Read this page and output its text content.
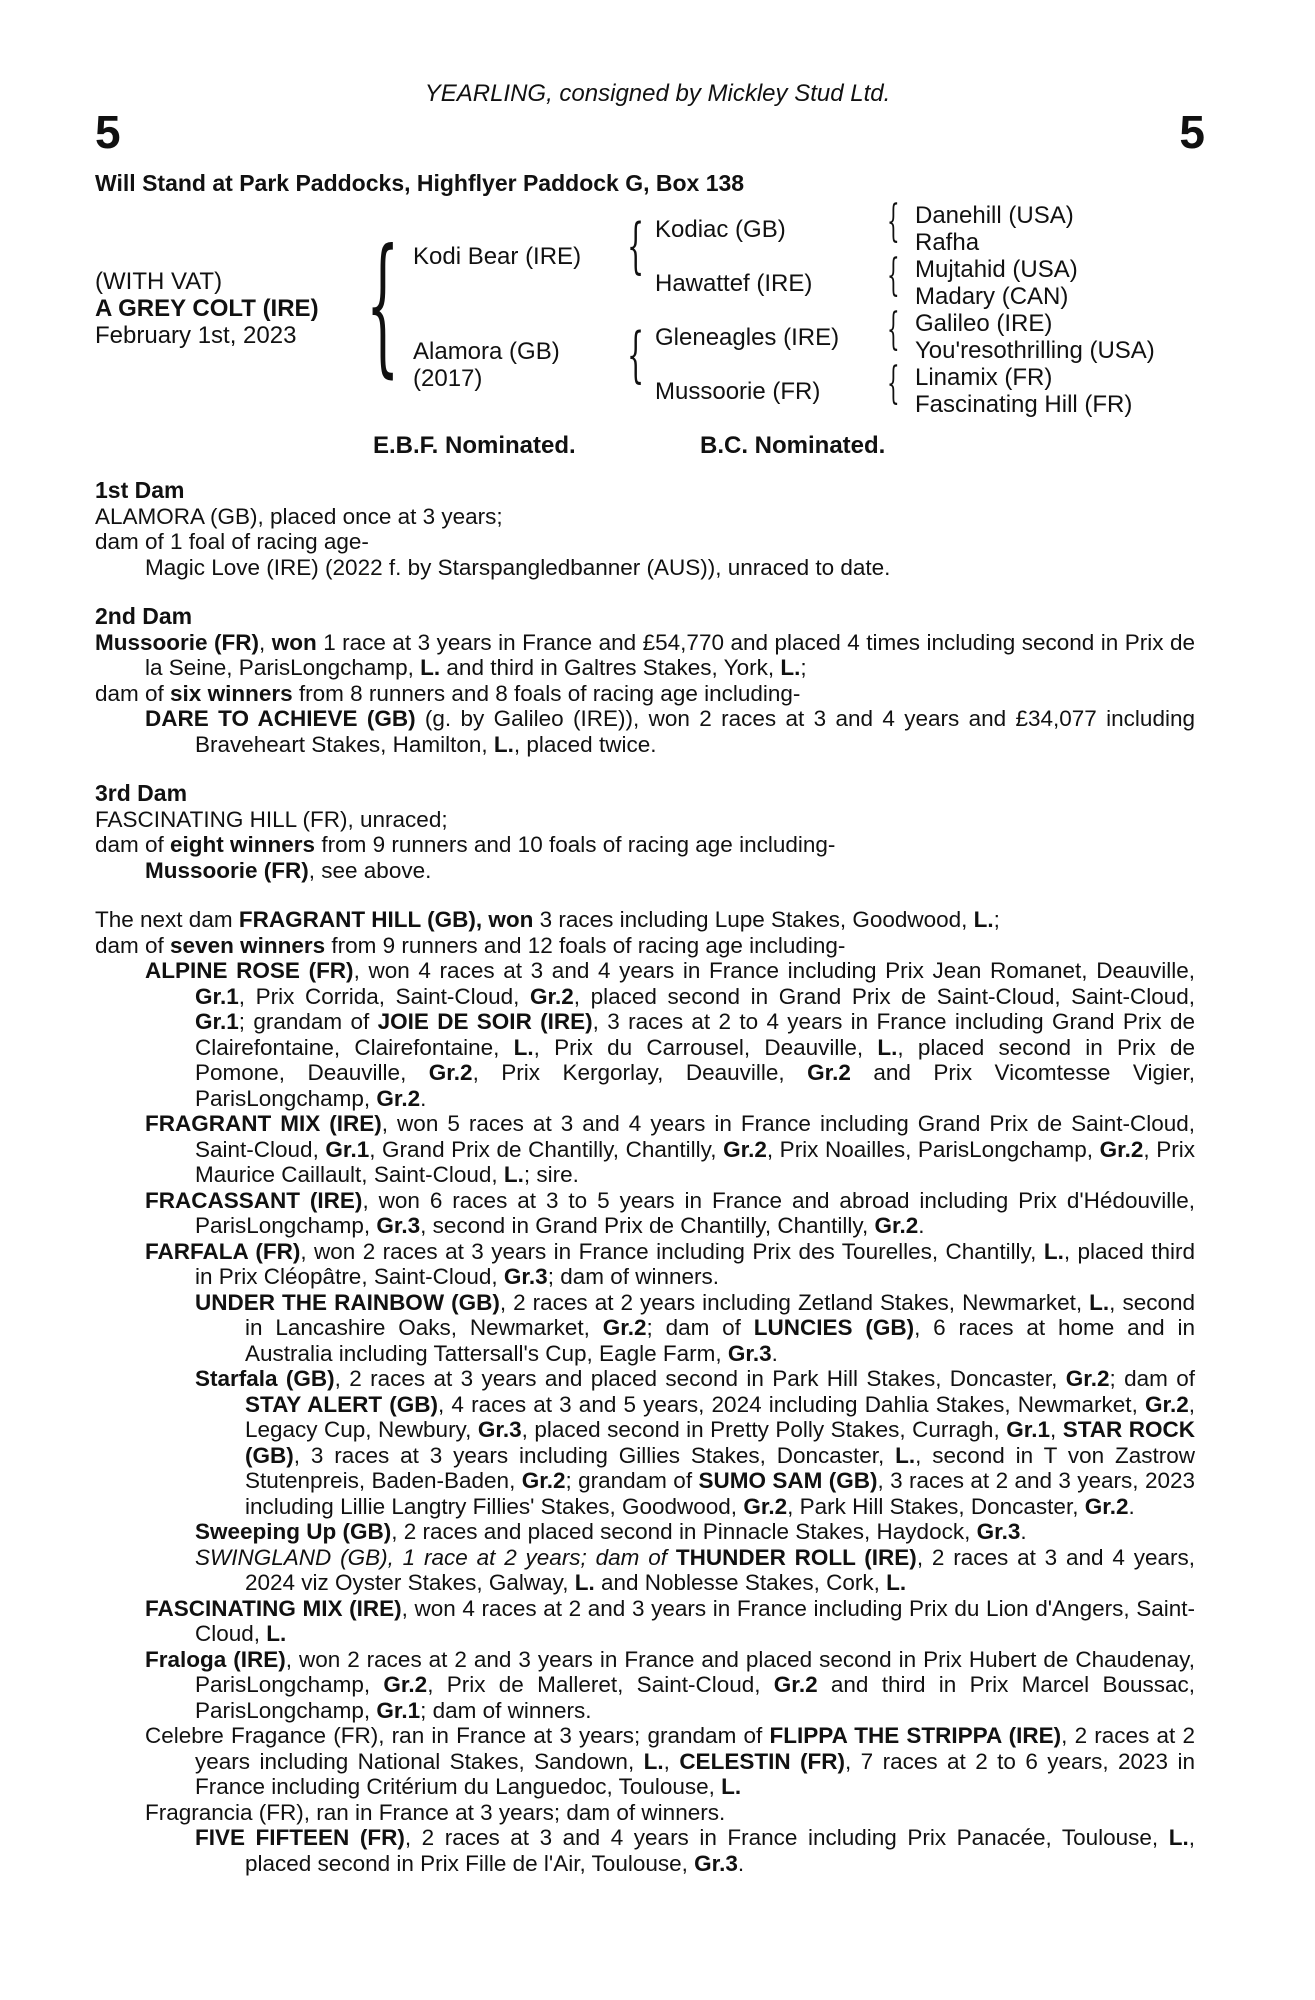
YEARLING, consigned by Mickley Stud Ltd.
5	5
Will Stand at Park Paddocks, Highflyer Paddock G, Box 138
(WITH VAT)
A GREY COLT (IRE)
February 1st, 2023 { Kodi Bear (IRE)
Alamora (GB)
(2017)
{
{
Kodiac (GB)
Hawattef (IRE)
Gleneagles (IRE)
Mussoorie (FR)
{
{
{
{
Danehill (USA)
Rafha
Mujtahid (USA)
Madary (CAN)
Galileo (IRE)
You'resothrilling (USA)
Linamix (FR)
Fascinating Hill (FR)
E.B.F. Nominated.	B.C. Nominated.

1st Dam

ALAMORA (GB), placed once at 3 years;

dam of 1 foal of racing age-

Magic Love (IRE) (2022 f. by Starspangledbanner (AUS)), unraced to date.

2nd Dam

Mussoorie (FR), won 1 race at 3 years in France and £54,770 and placed 4 times including second in Prix de la Seine, ParisLongchamp, L. and third in Galtres Stakes, York, L.;

dam of six winners from 8 runners and 8 foals of racing age including-

DARE TO ACHIEVE (GB) (g. by Galileo (IRE)), won 2 races at 3 and 4 years and £34,077 including Braveheart Stakes, Hamilton, L., placed twice.

3rd Dam

FASCINATING HILL (FR), unraced;

dam of eight winners from 9 runners and 10 foals of racing age including-

Mussoorie (FR), see above.

The next dam FRAGRANT HILL (GB), won 3 races including Lupe Stakes, Goodwood, L.;

dam of seven winners from 9 runners and 12 foals of racing age including-

ALPINE ROSE (FR), won 4 races at 3 and 4 years in France including Prix Jean Romanet, Deauville, Gr.1, Prix Corrida, Saint-Cloud, Gr.2, placed second in Grand Prix de Saint-Cloud, Saint-Cloud, Gr.1; grandam of JOIE DE SOIR (IRE), 3 races at 2 to 4 years in France including Grand Prix de Clairefontaine, Clairefontaine, L., Prix du Carrousel, Deauville, L., placed second in Prix de Pomone, Deauville, Gr.2, Prix Kergorlay, Deauville, Gr.2 and Prix Vicomtesse Vigier, ParisLongchamp, Gr.2.

FRAGRANT MIX (IRE), won 5 races at 3 and 4 years in France including Grand Prix de Saint-Cloud, Saint-Cloud, Gr.1, Grand Prix de Chantilly, Chantilly, Gr.2, Prix Noailles, ParisLongchamp, Gr.2, Prix Maurice Caillault, Saint-Cloud, L.; sire.

FRACASSANT (IRE), won 6 races at 3 to 5 years in France and abroad including Prix d'Hédouville, ParisLongchamp, Gr.3, second in Grand Prix de Chantilly, Chantilly, Gr.2.

FARFALA (FR), won 2 races at 3 years in France including Prix des Tourelles, Chantilly, L., placed third in Prix Cléopâtre, Saint-Cloud, Gr.3; dam of winners.

UNDER THE RAINBOW (GB), 2 races at 2 years including Zetland Stakes, Newmarket, L., second in Lancashire Oaks, Newmarket, Gr.2; dam of LUNCIES (GB), 6 races at home and in Australia including Tattersall's Cup, Eagle Farm, Gr.3.

Starfala (GB), 2 races at 3 years and placed second in Park Hill Stakes, Doncaster, Gr.2; dam of STAY ALERT (GB), 4 races at 3 and 5 years, 2024 including Dahlia Stakes, Newmarket, Gr.2, Legacy Cup, Newbury, Gr.3, placed second in Pretty Polly Stakes, Curragh, Gr.1, STAR ROCK (GB), 3 races at 3 years including Gillies Stakes, Doncaster, L., second in T von Zastrow Stutenpreis, Baden-Baden, Gr.2; grandam of SUMO SAM (GB), 3 races at 2 and 3 years, 2023 including Lillie Langtry Fillies' Stakes, Goodwood, Gr.2, Park Hill Stakes, Doncaster, Gr.2.

Sweeping Up (GB), 2 races and placed second in Pinnacle Stakes, Haydock, Gr.3.

SWINGLAND (GB), 1 race at 2 years; dam of THUNDER ROLL (IRE), 2 races at 3 and 4 years, 2024 viz Oyster Stakes, Galway, L. and Noblesse Stakes, Cork, L.

FASCINATING MIX (IRE), won 4 races at 2 and 3 years in France including Prix du Lion d'Angers, Saint-Cloud, L.

Fraloga (IRE), won 2 races at 2 and 3 years in France and placed second in Prix Hubert de Chaudenay, ParisLongchamp, Gr.2, Prix de Malleret, Saint-Cloud, Gr.2 and third in Prix Marcel Boussac, ParisLongchamp, Gr.1; dam of winners.

Celebre Fragance (FR), ran in France at 3 years; grandam of FLIPPA THE STRIPPA (IRE), 2 races at 2 years including National Stakes, Sandown, L., CELESTIN (FR), 7 races at 2 to 6 years, 2023 in France including Critérium du Languedoc, Toulouse, L.

Fragrancia (FR), ran in France at 3 years; dam of winners.

FIVE FIFTEEN (FR), 2 races at 3 and 4 years in France including Prix Panacée, Toulouse, L., placed second in Prix Fille de l'Air, Toulouse, Gr.3.
